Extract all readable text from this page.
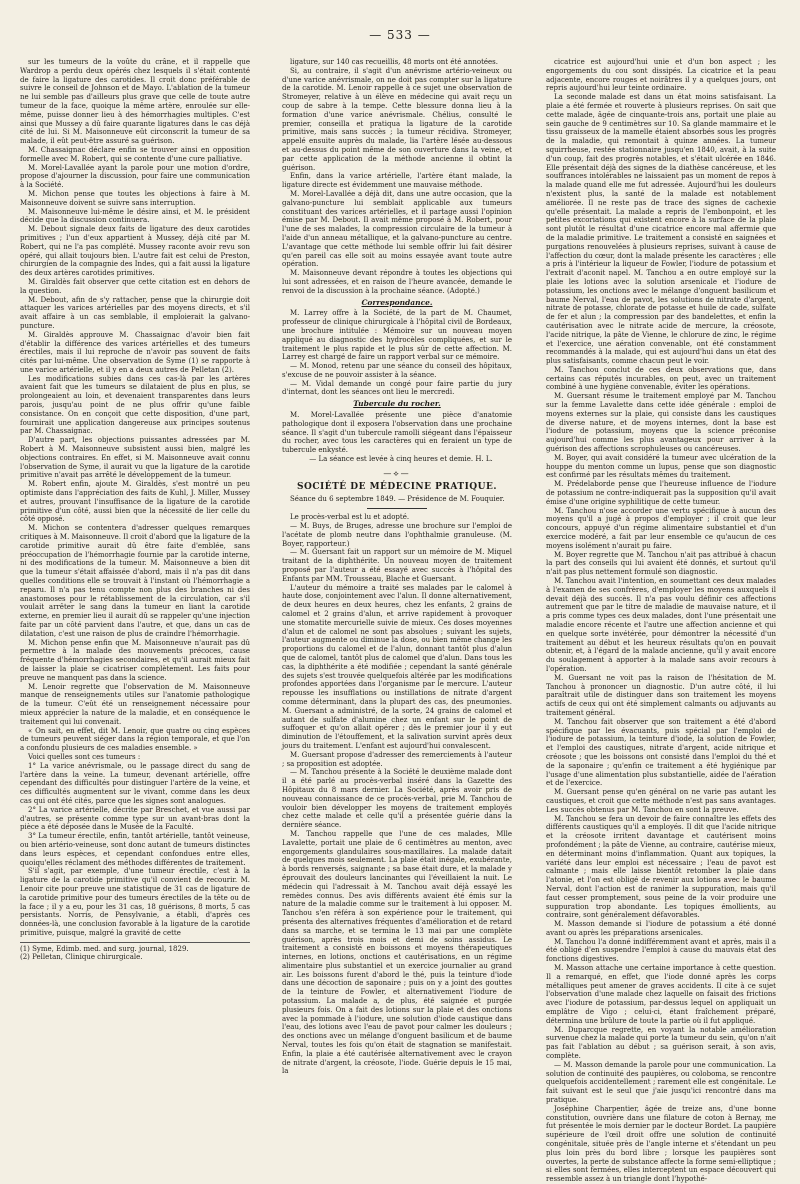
— 533 —

sur les tumeurs de la voûte du crâne, et il rappelle que Wardrop a perdu deux opérés chez lesquels il s'était contenté de faire la ligature des carotides. Il croit donc préférable de suivre le conseil de Johnson et de Mayo. L'ablation de la tumeur ne lui semble pas d'ailleurs plus grave que celle de toute autre tumeur de la face, quoique la même artère, enroulée sur elle-même, puisse donner lieu à des hémorrhagies multiples. C'est ainsi que Mussey a dû faire quarante ligatures dans le cas déjà cité de lui. Si M. Maisonneuve eût circonscrit la tumeur de sa malade, il eût peut-être assuré sa guérison.

M. Chassaignac déclare enfin se trouver ainsi en opposition formelle avec M. Robert, qui se contente d'une cure palliative.

M. Morel-Lavallée ayant la parole pour une motion d'ordre, propose d'ajourner la discussion, pour faire une communication à la Société.

M. Michon pense que toutes les objections à faire à M. Maisonneuve doivent se suivre sans interruption.

M. Maisonneuve lui-même le désire ainsi, et M. le président décide que la discussion continuera.

M. Debout signale deux faits de ligature des deux carotides primitives ; l'un d'eux appartient à Mussey, déjà cité par M. Robert, qui ne l'a pas complété. Mussey raconte avoir revu son opéré, qui allait toujours bien. L'autre fait est celui de Preston, chirurgien de la compagnie des Indes, qui a fait aussi la ligature des deux artères carotides primitives.

M. Giraldès fait observer que cette citation est en dehors de la question.

M. Debout, afin de s'y rattacher, pense que la chirurgie doit attaquer les varices artérielles par des moyens directs, et s'il avait affaire à un cas semblable, il emploierait la galvano-puncture.

M. Giraldès approuve M. Chassaignac d'avoir bien fait d'établir la différence des varices artérielles et des tumeurs érectiles, mais il lui reproche de n'avoir pas souvent de faits cités par lui-même. Une observation de Syme (1) se rapporte à une varice artérielle, et il y en a deux autres de Pelletan (2).

Les modifications subies dans ces cas-là par les artères avaient fait que les tumeurs se dilataient de plus en plus, se prolongeaient au loin, et devenaient transparentes dans leurs parois, jusqu'au point de ne plus offrir qu'une faible consistance. On en conçoit que cette disposition, d'une part, fournirait une application dangereuse aux principes soutenus par M. Chassaignac.

D'autre part, les objections puissantes adressées par M. Robert à M. Maisonneuve subsistent aussi bien, malgré les objections contraires. En effet, si M. Maisonneuve avait connu l'observation de Syme, il aurait vu que la ligature de la carotide primitive n'avait pas arrêté le développement de la tumeur.

M. Robert enfin, ajoute M. Giraldès, s'est montré un peu optimiste dans l'appréciation des faits de Kuhl, J. Miller, Mussey et autres, prouvant l'insuffisance de la ligature de la carotide primitive d'un côté, aussi bien que la nécessité de lier celle du côté opposé.

M. Michon se contentera d'adresser quelques remarques critiques à M. Maisonneuve. Il croit d'abord que la ligature de la carotide primitive aurait dû être faite d'emblée, sans préoccupation de l'hémorrhagie fournie par la carotide interne, ni des modifications de la tumeur. M. Maisonneuve a bien dit que la tumeur s'était affaissée d'abord, mais il n'a pas dit dans quelles conditions elle se trouvait à l'instant où l'hémorrhagie a reparu. Il n'a pas tenu compte non plus des branches ni des anastomoses pour le rétablissement de la circulation, car s'il voulait arrêter le sang dans la tumeur en liant la carotide externe, en premier lieu il aurait dû se rappeler qu'une injection faite par un côté parvient dans l'autre, et que, dans un cas de dilatation, c'est une raison de plus de craindre l'hémorrhagie.

M. Michon pense enfin que M. Maisonneuve n'aurait pas dû permettre à la malade des mouvements précoces, cause fréquente d'hémorrhagies secondaires, et qu'il aurait mieux fait de laisser la plaie se cicatriser complètement. Les faits pour preuve ne manquent pas dans la science.

M. Lenoir regrette que l'observation de M. Maisonneuve manque de renseignements utiles sur l'anatomie pathologique de la tumeur. C'eût été un renseignement nécessaire pour mieux apprécier la nature de la maladie, et en conséquence le traitement qui lui convenait.

« On sait, en effet, dit M. Lenoir, que quatre ou cinq espèces de tumeurs peuvent siéger dans la région temporale, et que l'on a confondu plusieurs de ces maladies ensemble. »

Voici quelles sont ces tumeurs :

1° La varice anévrismale, ou le passage direct du sang de l'artère dans la veine. La tumeur, devenant artérielle, offre cependant des difficultés pour distinguer l'artère de la veine, et ces difficultés augmentent sur le vivant, comme dans les deux cas qui ont été cités, parce que les signes sont analogues.

2° La varice artérielle, décrite par Breschet, et vue aussi par d'autres, se présente comme type sur un avant-bras dont la pièce a été déposée dans le Musée de la Faculté.

3° La tumeur érectile, enfin, tantôt artérielle, tantôt veineuse, ou bien artério-veineuse, sont donc autant de tumeurs distinctes dans leurs espèces, et cependant confondues entre elles, quoiqu'elles réclament des méthodes différentes de traitement.

S'il s'agit, par exemple, d'une tumeur érectile, c'est à la ligature de la carotide primitive qu'il convient de recourir. M. Lenoir cite pour preuve une statistique de 31 cas de ligature de la carotide primitive pour des tumeurs érectiles de la tête ou de la face ; il y a eu, pour les 31 cas, 18 guérisons, 8 morts, 5 cas persistants. Norris, de Pensylvanie, a établi, d'après ces données-là, une conclusion favorable à la ligature de la carotide primitive, puisque, malgré la gravité de cette

(1) Syme, Edimb. med. and surg. journal, 1829.

(2) Pelletan, Clinique chirurgicale.

ligature, sur 140 cas recueillis, 48 morts ont été annotées.

Si, au contraire, il s'agit d'un anévrisme artério-veineux ou d'une varice anévrismale, on ne doit pas compter sur la ligature de la carotide. M. Lenoir rappelle à ce sujet une observation de Stromeyer, relative à un élève en médecine qui avait reçu un coup de sabre à la tempe. Cette blessure donna lieu à la formation d'une varice anévrismale. Chélius, consulté le premier, conseilla et pratiqua la ligature de la carotide primitive, mais sans succès ; la tumeur récidiva. Stromeyer, appelé ensuite auprès du malade, lia l'artère lésée au-dessous et au-dessus du point même de son ouverture dans la veine, et par cette application de la méthode ancienne il obtint la guérison.

Enfin, dans la varice artérielle, l'artère étant malade, la ligature directe est évidemment une mauvaise méthode.

M. Morel-Lavallée a déjà dit, dans une autre occasion, que la galvano-puncture lui semblait applicable aux tumeurs constituant des varices artérielles, et il partage aussi l'opinion émise par M. Debout. Il avait même proposé à M. Robert, pour l'une de ses malades, la compression circulaire de la tumeur à l'aide d'un anneau métallique, et la galvano-puncture au centre. L'avantage que cette méthode lui semble offrir lui fait désirer qu'en pareil cas elle soit au moins essayée avant toute autre opération.

M. Maisonneuve devant répondre à toutes les objections qui lui sont adressées, et en raison de l'heure avancée, demande le renvoi de la discussion à la prochaine séance. (Adopté.)

Correspondance.

M. Larrey offre à la Société, de la part de M. Chaumet, professeur de clinique chirurgicale à l'hôpital civil de Bordeaux, une brochure intitulée : Mémoire sur un nouveau moyen appliqué au diagnostic des hydrocèles compliquées, et sur le traitement le plus rapide et le plus sûr de cette affection. M. Larrey est chargé de faire un rapport verbal sur ce mémoire.

— M. Monod, retenu par une séance du conseil des hôpitaux, s'excuse de ne pouvoir assister à la séance.

— M. Vidal demande un congé pour faire partie du jury d'internat, dont les séances ont lieu le mercredi.

Tubercule du rocher.

M. Morel-Lavallée présente une pièce d'anatomie pathologique dont il exposera l'observation dans une prochaine séance. Il s'agit d'un tubercule ramolli siégeant dans l'épaisseur du rocher, avec tous les caractères qui en feraient un type de tubercule enkysté.

— La séance est levée à cinq heures et demie. H. L.

—⟡—
SOCIÉTÉ DE MÉDECINE PRATIQUE.

Séance du 6 septembre 1849. — Présidence de M. Fouquier.

Le procès-verbal est lu et adopté.

— M. Buys, de Bruges, adresse une brochure sur l'emploi de l'acétate de plomb neutre dans l'ophthalmie granuleuse. (M. Boyer, rapporteur.)

— M. Guersant fait un rapport sur un mémoire de M. Miquel traitant de la diphthérite. Un nouveau moyen de traitement proposé par l'auteur a été essayé avec succès à l'hôpital des Enfants par MM. Trousseau, Blache et Guersant.

L'auteur du mémoire a traité ses malades par le calomel à haute dose, conjointement avec l'alun. Il donne alternativement, de deux heures en deux heures, chez les enfants, 2 grains de calomel et 2 grains d'alun, et arrive rapidement à provoquer une stomatite mercurielle suivie de mieux. Ces doses moyennes d'alun et de calomel ne sont pas absolues ; suivant les sujets, l'auteur augmente ou diminue la dose, ou bien même change les proportions du calomel et de l'alun, donnant tantôt plus d'alun que de calomel, tantôt plus de calomel que d'alun. Dans tous les cas, la diphthérite a été modifiée ; cependant la santé générale des sujets s'est trouvée quelquefois altérée par les modifications profondes apportées dans l'organisme par le mercure. L'auteur repousse les insufflations ou instillations de nitrate d'argent comme déterminant, dans la plupart des cas, des pneumonies. M. Guersant a administré, de la sorte, 24 grains de calomel et autant de sulfate d'alumine chez un enfant sur le point de suffoquer et qu'on allait opérer ; dès le premier jour il y eut diminution de l'étouffement, et la salivation survint après deux jours du traitement. L'enfant est aujourd'hui convalescent.

M. Guersant propose d'adresser des remerciements à l'auteur ; sa proposition est adoptée.

— M. Tanchou présente à la Société le deuxième malade dont il a été parlé au procès-verbal inséré dans la Gazette des Hôpitaux du 8 mars dernier. La Société, après avoir pris de nouveau connaissance de ce procès-verbal, prie M. Tanchou de vouloir bien développer les moyens de traitement employés chez cette malade et celle qu'il a présentée guérie dans la dernière séance.

M. Tanchou rappelle que l'une de ces malades, Mlle Lavalette, portait une plaie de 6 centimètres au menton, avec engorgements glandulaires sous-maxillaires. La malade datait de quelques mois seulement. La plaie était inégale, exubérante, à bords renversés, saignante ; sa base était dure, et la malade y éprouvait des douleurs lancinantes qui l'éveillaient la nuit. Le médecin qui l'adressait à M. Tanchou avait déjà essayé les remèdes connus. Des avis différents avaient été émis sur la nature de la maladie comme sur le traitement à lui opposer. M. Tanchou s'en référa à son expérience pour le traitement, qui présenta des alternatives fréquentes d'amélioration et de retard dans sa marche, et se termina le 13 mai par une complète guérison, après trois mois et demi de soins assidus. Le traitement a consisté en boissons et moyens thérapeutiques internes, en lotions, onctions et cautérisations, en un régime alimentaire plus substantiel et un exercice journalier au grand air. Les boissons furent d'abord le thé, puis la teinture d'iode dans une décoction de saponaire ; puis on y a joint des gouttes de la teinture de Fowler, et alternativement l'iodure de potassium. La malade a, de plus, été saignée et purgée plusieurs fois. On a fait des lotions sur la plaie et des onctions avec la pommade à l'iodure, une solution d'iode caustique dans l'eau, des lotions avec l'eau de pavot pour calmer les douleurs ; des onctions avec un mélange d'onguent basilicum et de baume Nerval, toutes les fois qu'on était de stagnation se manifestait. Enfin, la plaie a été cautérisée alternativement avec le crayon de nitrate d'argent, la créosote, l'iode. Guérie depuis le 15 mai, la

cicatrice est aujourd'hui unie et d'un bon aspect ; les engorgements du cou sont dissipés. La cicatrice et la peau adjacente, encore rouges et noirâtres il y a quelques jours, ont repris aujourd'hui leur teinte ordinaire.

La seconde malade est dans un état moins satisfaisant. La plaie a été fermée et rouverte à plusieurs reprises. On sait que cette malade, âgée de cinquante-trois ans, portait une plaie au sein gauche de 9 centimètres sur 10. Sa glande mammaire et le tissu graisseux de la mamelle étaient absorbés sous les progrès de la maladie, qui remontait à quinze années. La tumeur squirrheuse, restée stationnaire jusqu'en 1840, avait, à la suite d'un coup, fait des progrès notables, et s'était ulcérée en 1846. Elle présentait déjà des signes de la diathèse cancéreuse, et les souffrances intolérables ne laissaient pas un moment de repos à la malade quand elle me fut adressée. Aujourd'hui les douleurs n'existent plus, la santé de la malade est notablement améliorée. Il ne reste pas de trace des signes de cachexie qu'elle présentait. La malade a repris de l'embonpoint, et les petites excoriations qui existent encore à la surface de la plaie sont plutôt le résultat d'une cicatrice encore mal affermie que de la maladie primitive. Le traitement a consisté en saignées et purgations renouvelées à plusieurs reprises, suivant à cause de l'affection du cœur, dont la malade présente les caractères ; elle a pris à l'intérieur la liqueur de Fowler, l'iodure de potassium et l'extrait d'aconit napel. M. Tanchou a en outre employé sur la plaie les lotions avec la solution arsenicale et l'iodure de potassium, les onctions avec le mélange d'onguent basilicum et baume Nerval, l'eau de pavot, les solutions de nitrate d'argent, nitrate de potasse, chlorate de potasse et huile de cade, sulfate de fer et alun ; la compression par des bandelettes, et enfin la cautérisation avec le nitrate acide de mercure, la créosote, l'acide nitrique, la pâte de Vienne, le chlorure de zinc, le régime et l'exercice, une aération convenable, ont été constamment recommandés à la malade, qui est aujourd'hui dans un état des plus satisfaisants, comme chacun peut le voir.

M. Tanchou conclut de ces deux observations que, dans certains cas réputés incurables, on peut, avec un traitement combiné à une hygiène convenable, éviter les opérations.

M. Guersant résume le traitement employé par M. Tanchou sur la femme Lavalette dans cette idée générale : emploi de moyens externes sur la plaie, qui consiste dans les caustiques de diverse nature, et de moyens internes, dont la base est l'iodure de potassium, moyens que la science préconise aujourd'hui comme les plus avantageux pour arriver à la guérison des affections scrophuleuses ou cancéreuses.

M. Boyer, qui avait considéré la tumeur avec ulcération de la houppe du menton comme un lupus, pense que son diagnostic est confirmé par les résultats mêmes du traitement.

M. Prédelaborde pense que l'heureuse influence de l'iodure de potassium ne contre-indiquerait pas la supposition qu'il avait émise d'une origine syphilitique de cette tumeur.

M. Tanchou n'ose accorder une vertu spécifique à aucun des moyens qu'il a jugé à propos d'employer ; il croit que leur concours, appuyé d'un régime alimentaire substantiel et d'un exercice modéré, a fait par leur ensemble ce qu'aucun de ces moyens isolément n'aurait pu faire.

M. Boyer regrette que M. Tanchou n'ait pas attribué à chacun la part des conseils qui lui avaient été donnés, et surtout qu'il n'ait pas plus nettement formulé son diagnostic.

M. Tanchou avait l'intention, en soumettant ces deux malades à l'examen de ses confrères, d'employer les moyens auxquels il devait déjà des succès. Il n'a pas voulu définir ces affections autrement que par le titre de maladie de mauvaise nature, et il a pris comme types ces deux malades, dont l'une présentait une maladie encore récente et l'autre une affection ancienne et qui en quelque sorte invétérée, pour démontrer la nécessité d'un traitement au début et les heureux résultats qu'on en pouvait obtenir, et, à l'égard de la malade ancienne, qu'il y avait encore du soulagement à apporter à la malade sans avoir recours à l'opération.

M. Guersant ne voit pas la raison de l'hésitation de M. Tanchou à prononcer un diagnostic. D'un autre côté, il lui paraîtrait utile de distinguer dans son traitement les moyens actifs de ceux qui ont été simplement calmants ou adjuvants au traitement général.

M. Tanchou fait observer que son traitement a été d'abord spécifique par les évacuants, puis spécial par l'emploi de l'iodure de potassium, la teinture d'iode, la solution de Fowler, et l'emploi des caustiques, nitrate d'argent, acide nitrique et créosote ; que les boissons ont consisté dans l'emploi du thé et de la saponaire ; qu'enfin ce traitement a été hygiénique par l'usage d'une alimentation plus substantielle, aidée de l'aération et de l'exercice.

M. Guersant pense qu'en général on ne varie pas autant les caustiques, et croit que cette méthode n'est pas sans avantages. Les succès obtenus par M. Tanchou en sont la preuve.

M. Tanchou se fera un devoir de faire connaître les effets des différents caustiques qu'il a employés. Il dit que l'acide nitrique et la créosote irritent davantage et cautérisent moins profondément ; la pâte de Vienne, au contraire, cautérise mieux, en déterminant moins d'inflammation. Quant aux topiques, la variété dans leur emploi est nécessaire ; l'eau de pavot est calmante ; mais elle laisse bientôt retomber la plaie dans l'atonie, et l'on est obligé de revenir aux lotions avec le baume Nerval, dont l'action est de ranimer la suppuration, mais qu'il faut cesser promptement, sous peine de la voir produire une suppuration trop abondante. Les topiques émollients, au contraire, sont généralement défavorables.

M. Masson demande si l'iodure de potassium a été donné avant ou après les préparations arsenicales.

M. Tanchou l'a donné indifféremment avant et après, mais il a été obligé d'en suspendre l'emploi à cause du mauvais état des fonctions digestives.

M. Masson attache une certaine importance à cette question. Il a remarqué, en effet, que l'iode donné après les corps métalliques peut amener de graves accidents. Il cite à ce sujet l'observation d'une malade chez laquelle on faisait des frictions avec l'iodure de potassium, par-dessus lequel on appliquait un emplâtre de Vigo ; celui-ci, étant fraîchement préparé, détermina une brûlure de toute la partie où il fut appliqué.

M. Duparcque regrette, en voyant la notable amélioration survenue chez la malade qui porte la tumeur du sein, qu'on n'ait pas fait l'ablation au début ; sa guérison serait, à son avis, complète.

— M. Masson demande la parole pour une communication. La solution de continuité des paupières, ou coloboma, se rencontre quelquefois accidentellement ; rarement elle est congénitale. Le fait suivant est le seul que j'aie jusqu'ici rencontré dans ma pratique.

Joséphine Charpentier, âgée de treize ans, d'une bonne constitution, ouvrière dans une filature de coton à Bernay, me fut présentée le mois dernier par le docteur Bordet. La paupière supérieure de l'œil droit offre une solution de continuité congénitale, située près de l'angle interne et s'étendant un peu plus loin près du bord libre ; lorsque les paupières sont ouvertes, la perte de substance affecte la forme semi-elliptique ; si elles sont fermées, elles interceptent un espace découvert qui ressemble assez à un triangle dont l'hypothé-
